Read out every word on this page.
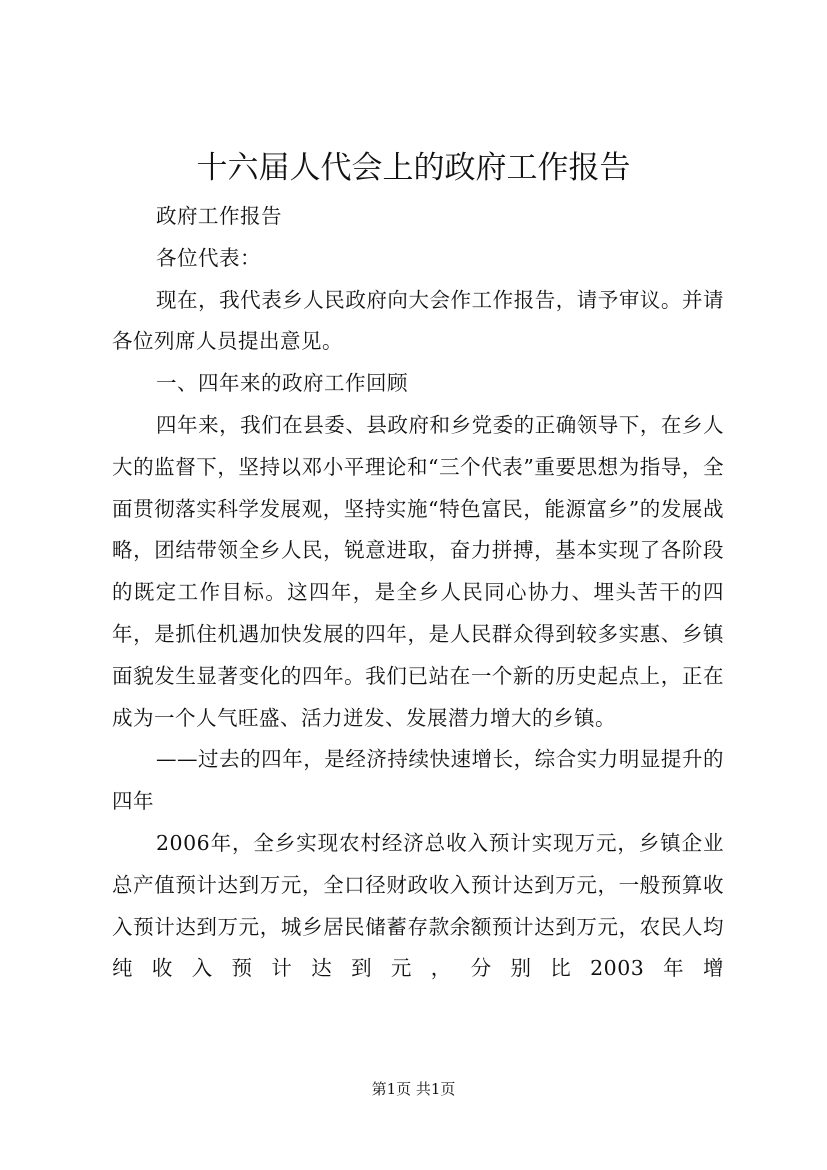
十六届人代会上的政府工作报告

政府工作报告

各位代表：

现在，我代表乡人民政府向大会作工作报告，请予审议。并请各位列席人员提出意见。

一、四年来的政府工作回顾

四年来，我们在县委、县政府和乡党委的正确领导下，在乡人大的监督下，坚持以邓小平理论和“三个代表”重要思想为指导，全面贯彻落实科学发展观，坚持实施“特色富民，能源富乡”的发展战略，团结带领全乡人民，锐意进取，奋力拼搏，基本实现了各阶段的既定工作目标。这四年，是全乡人民同心协力、埋头苦干的四年，是抓住机遇加快发展的四年，是人民群众得到较多实惠、乡镇面貌发生显著变化的四年。我们已站在一个新的历史起点上，正在成为一个人气旺盛、活力迸发、发展潜力增大的乡镇。

——过去的四年，是经济持续快速增长，综合实力明显提升的四年

2006年，全乡实现农村经济总收入预计实现万元，乡镇企业总产值预计达到万元，全口径财政收入预计达到万元，一般预算收入预计达到万元，城乡居民储蓄存款余额预计达到万元，农民人均纯收入预计达到元，分别比2003年增

第1页 共1页
